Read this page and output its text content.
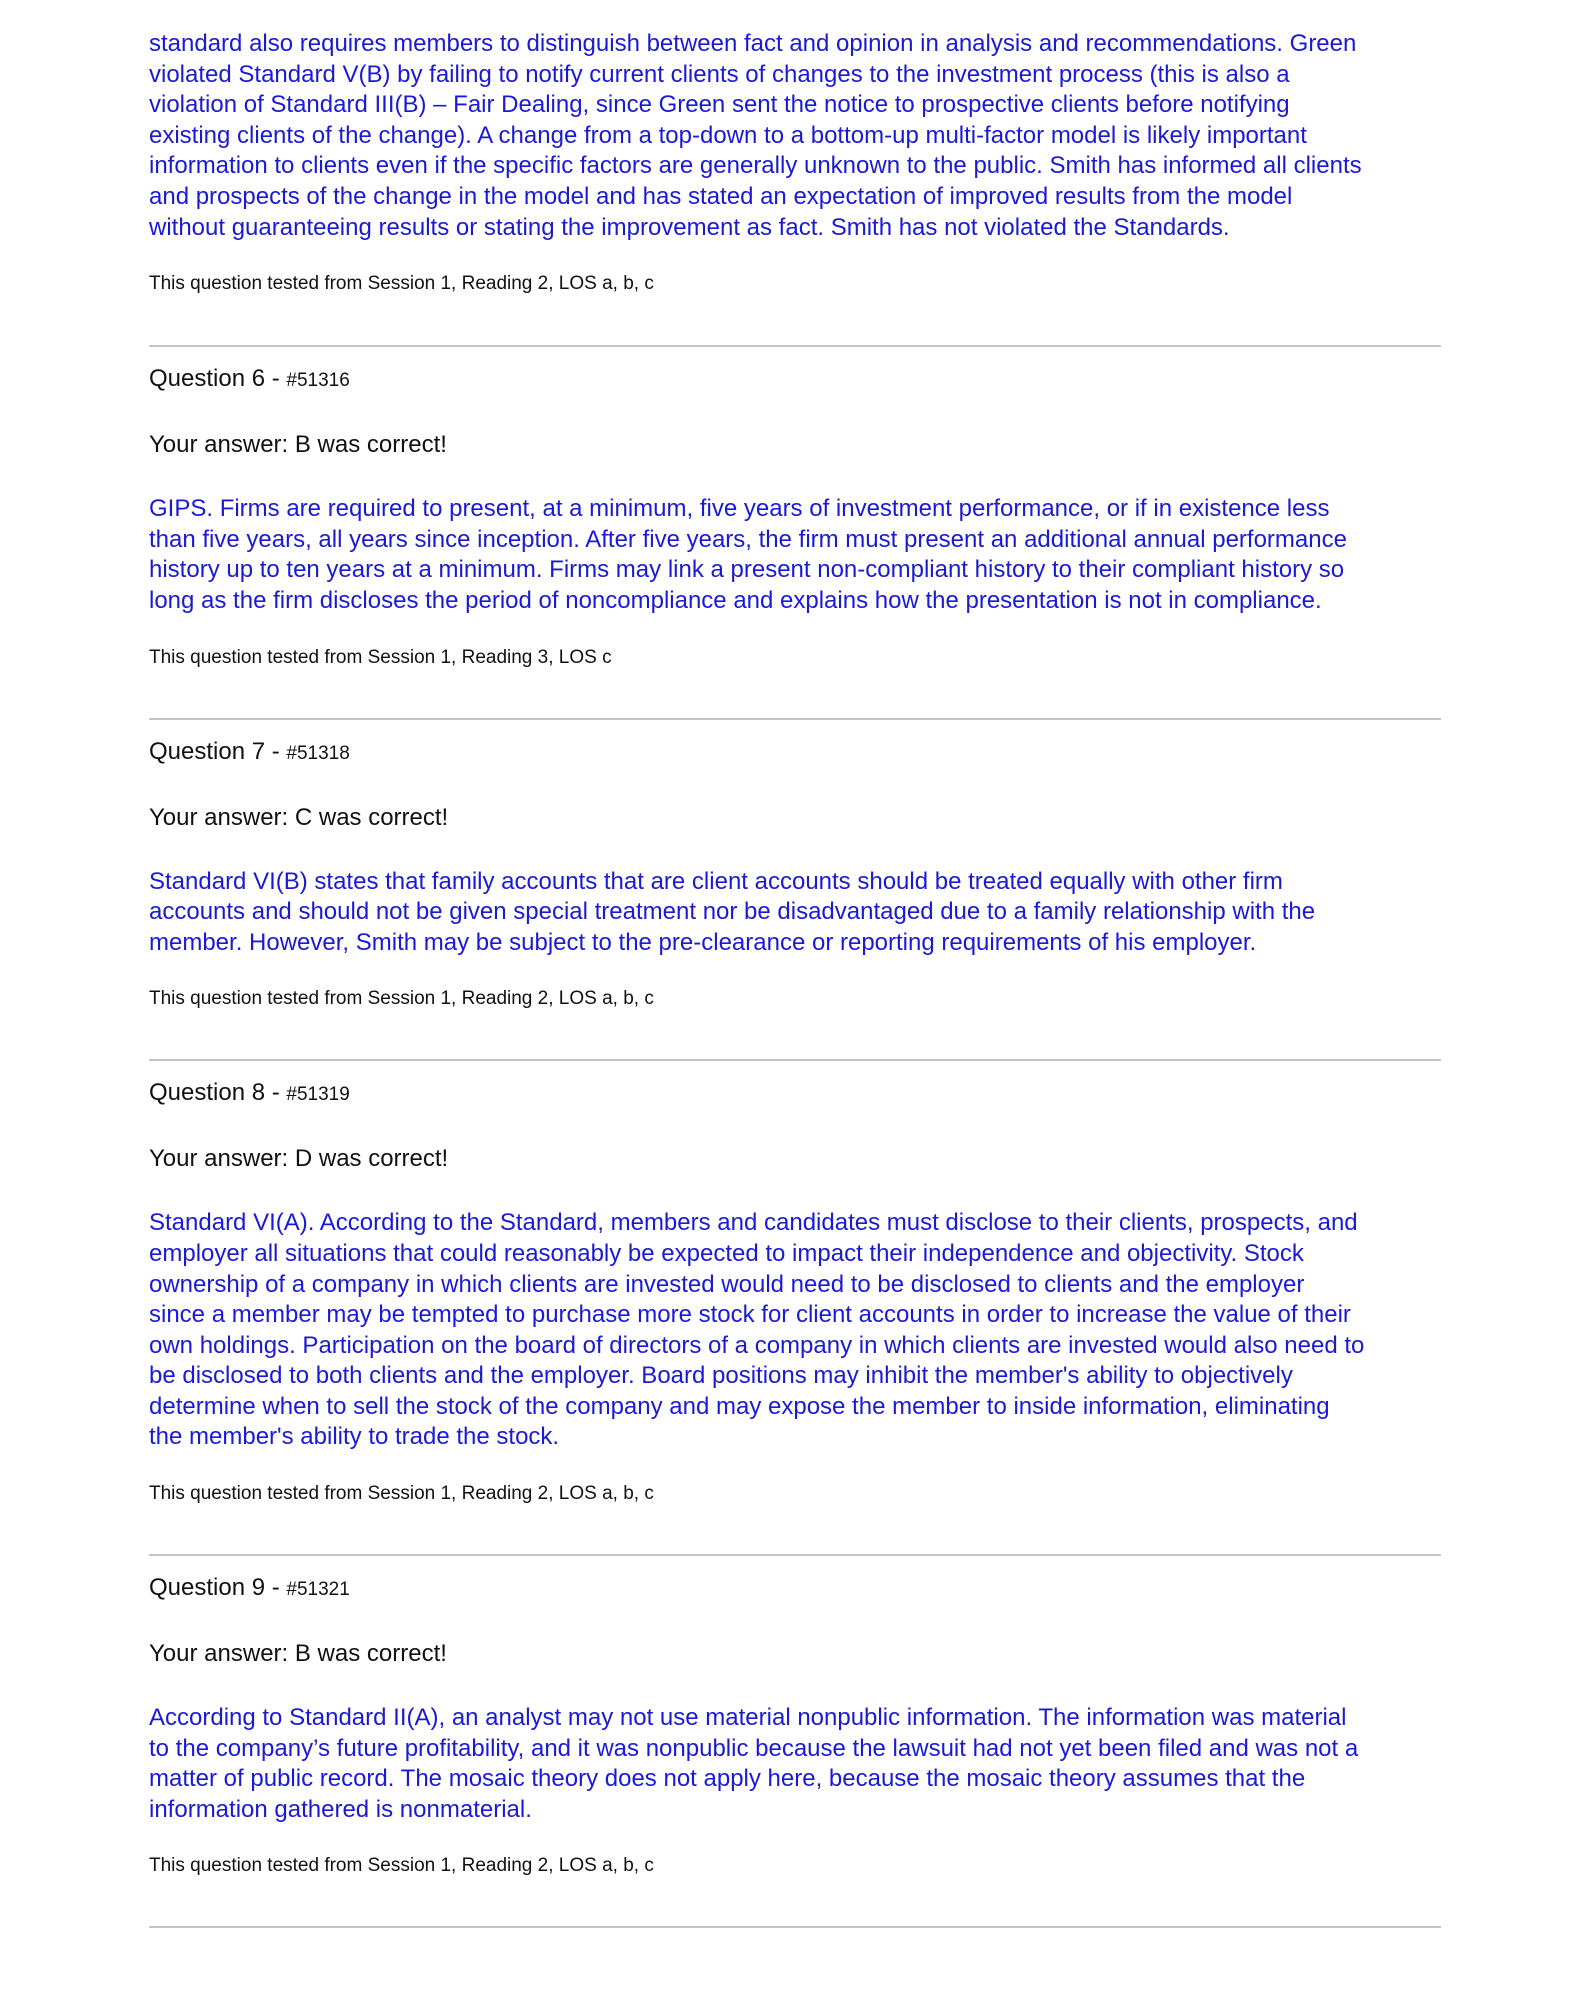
standard also requires members to distinguish between fact and opinion in analysis and recommendations. Green
violated Standard V(B) by failing to notify current clients of changes to the investment process (this is also a
violation of Standard III(B) – Fair Dealing, since Green sent the notice to prospective clients before notifying
existing clients of the change). A change from a top-down to a bottom-up multi-factor model is likely important
information to clients even if the specific factors are generally unknown to the public. Smith has informed all clients
and prospects of the change in the model and has stated an expectation of improved results from the model
without guaranteeing results or stating the improvement as fact. Smith has not violated the Standards.

This question tested from Session 1, Reading 2, LOS a, b, c

Question 6 - #51316

Your answer: B was correct!

GIPS. Firms are required to present, at a minimum, five years of investment performance, or if in existence less
than five years, all years since inception. After five years, the firm must present an additional annual performance
history up to ten years at a minimum. Firms may link a present non-compliant history to their compliant history so
long as the firm discloses the period of noncompliance and explains how the presentation is not in compliance.

This question tested from Session 1, Reading 3, LOS c

Question 7 - #51318

Your answer: C was correct!

Standard VI(B) states that family accounts that are client accounts should be treated equally with other firm
accounts and should not be given special treatment nor be disadvantaged due to a family relationship with the
member. However, Smith may be subject to the pre-clearance or reporting requirements of his employer.

This question tested from Session 1, Reading 2, LOS a, b, c

Question 8 - #51319

Your answer: D was correct!

Standard VI(A). According to the Standard, members and candidates must disclose to their clients, prospects, and
employer all situations that could reasonably be expected to impact their independence and objectivity. Stock
ownership of a company in which clients are invested would need to be disclosed to clients and the employer
since a member may be tempted to purchase more stock for client accounts in order to increase the value of their
own holdings. Participation on the board of directors of a company in which clients are invested would also need to
be disclosed to both clients and the employer. Board positions may inhibit the member's ability to objectively
determine when to sell the stock of the company and may expose the member to inside information, eliminating
the member's ability to trade the stock.

This question tested from Session 1, Reading 2, LOS a, b, c

Question 9 - #51321

Your answer: B was correct!

According to Standard II(A), an analyst may not use material nonpublic information. The information was material
to the company’s future profitability, and it was nonpublic because the lawsuit had not yet been filed and was not a
matter of public record. The mosaic theory does not apply here, because the mosaic theory assumes that the
information gathered is nonmaterial.

This question tested from Session 1, Reading 2, LOS a, b, c
